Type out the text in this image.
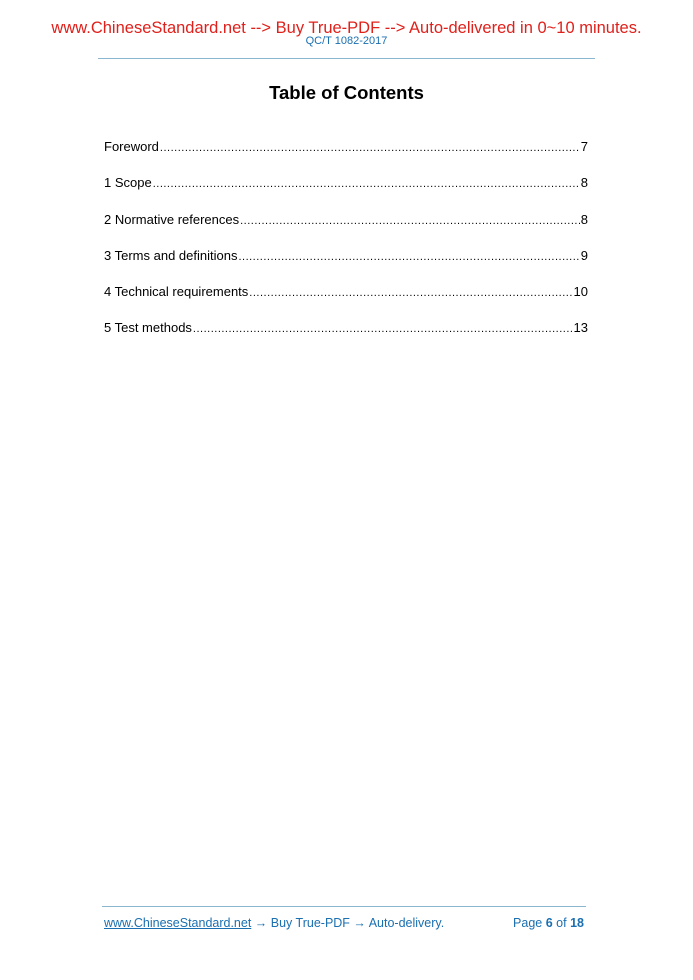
www.ChineseStandard.net --> Buy True-PDF --> Auto-delivered in 0~10 minutes.
QC/T 1082-2017
Table of Contents
Foreword .....	7
1 Scope .....	8
2 Normative references .....	8
3 Terms and definitions .....	9
4 Technical requirements .....	10
5 Test methods .....	13
www.ChineseStandard.net → Buy True-PDF → Auto-delivery.	Page 6 of 18
